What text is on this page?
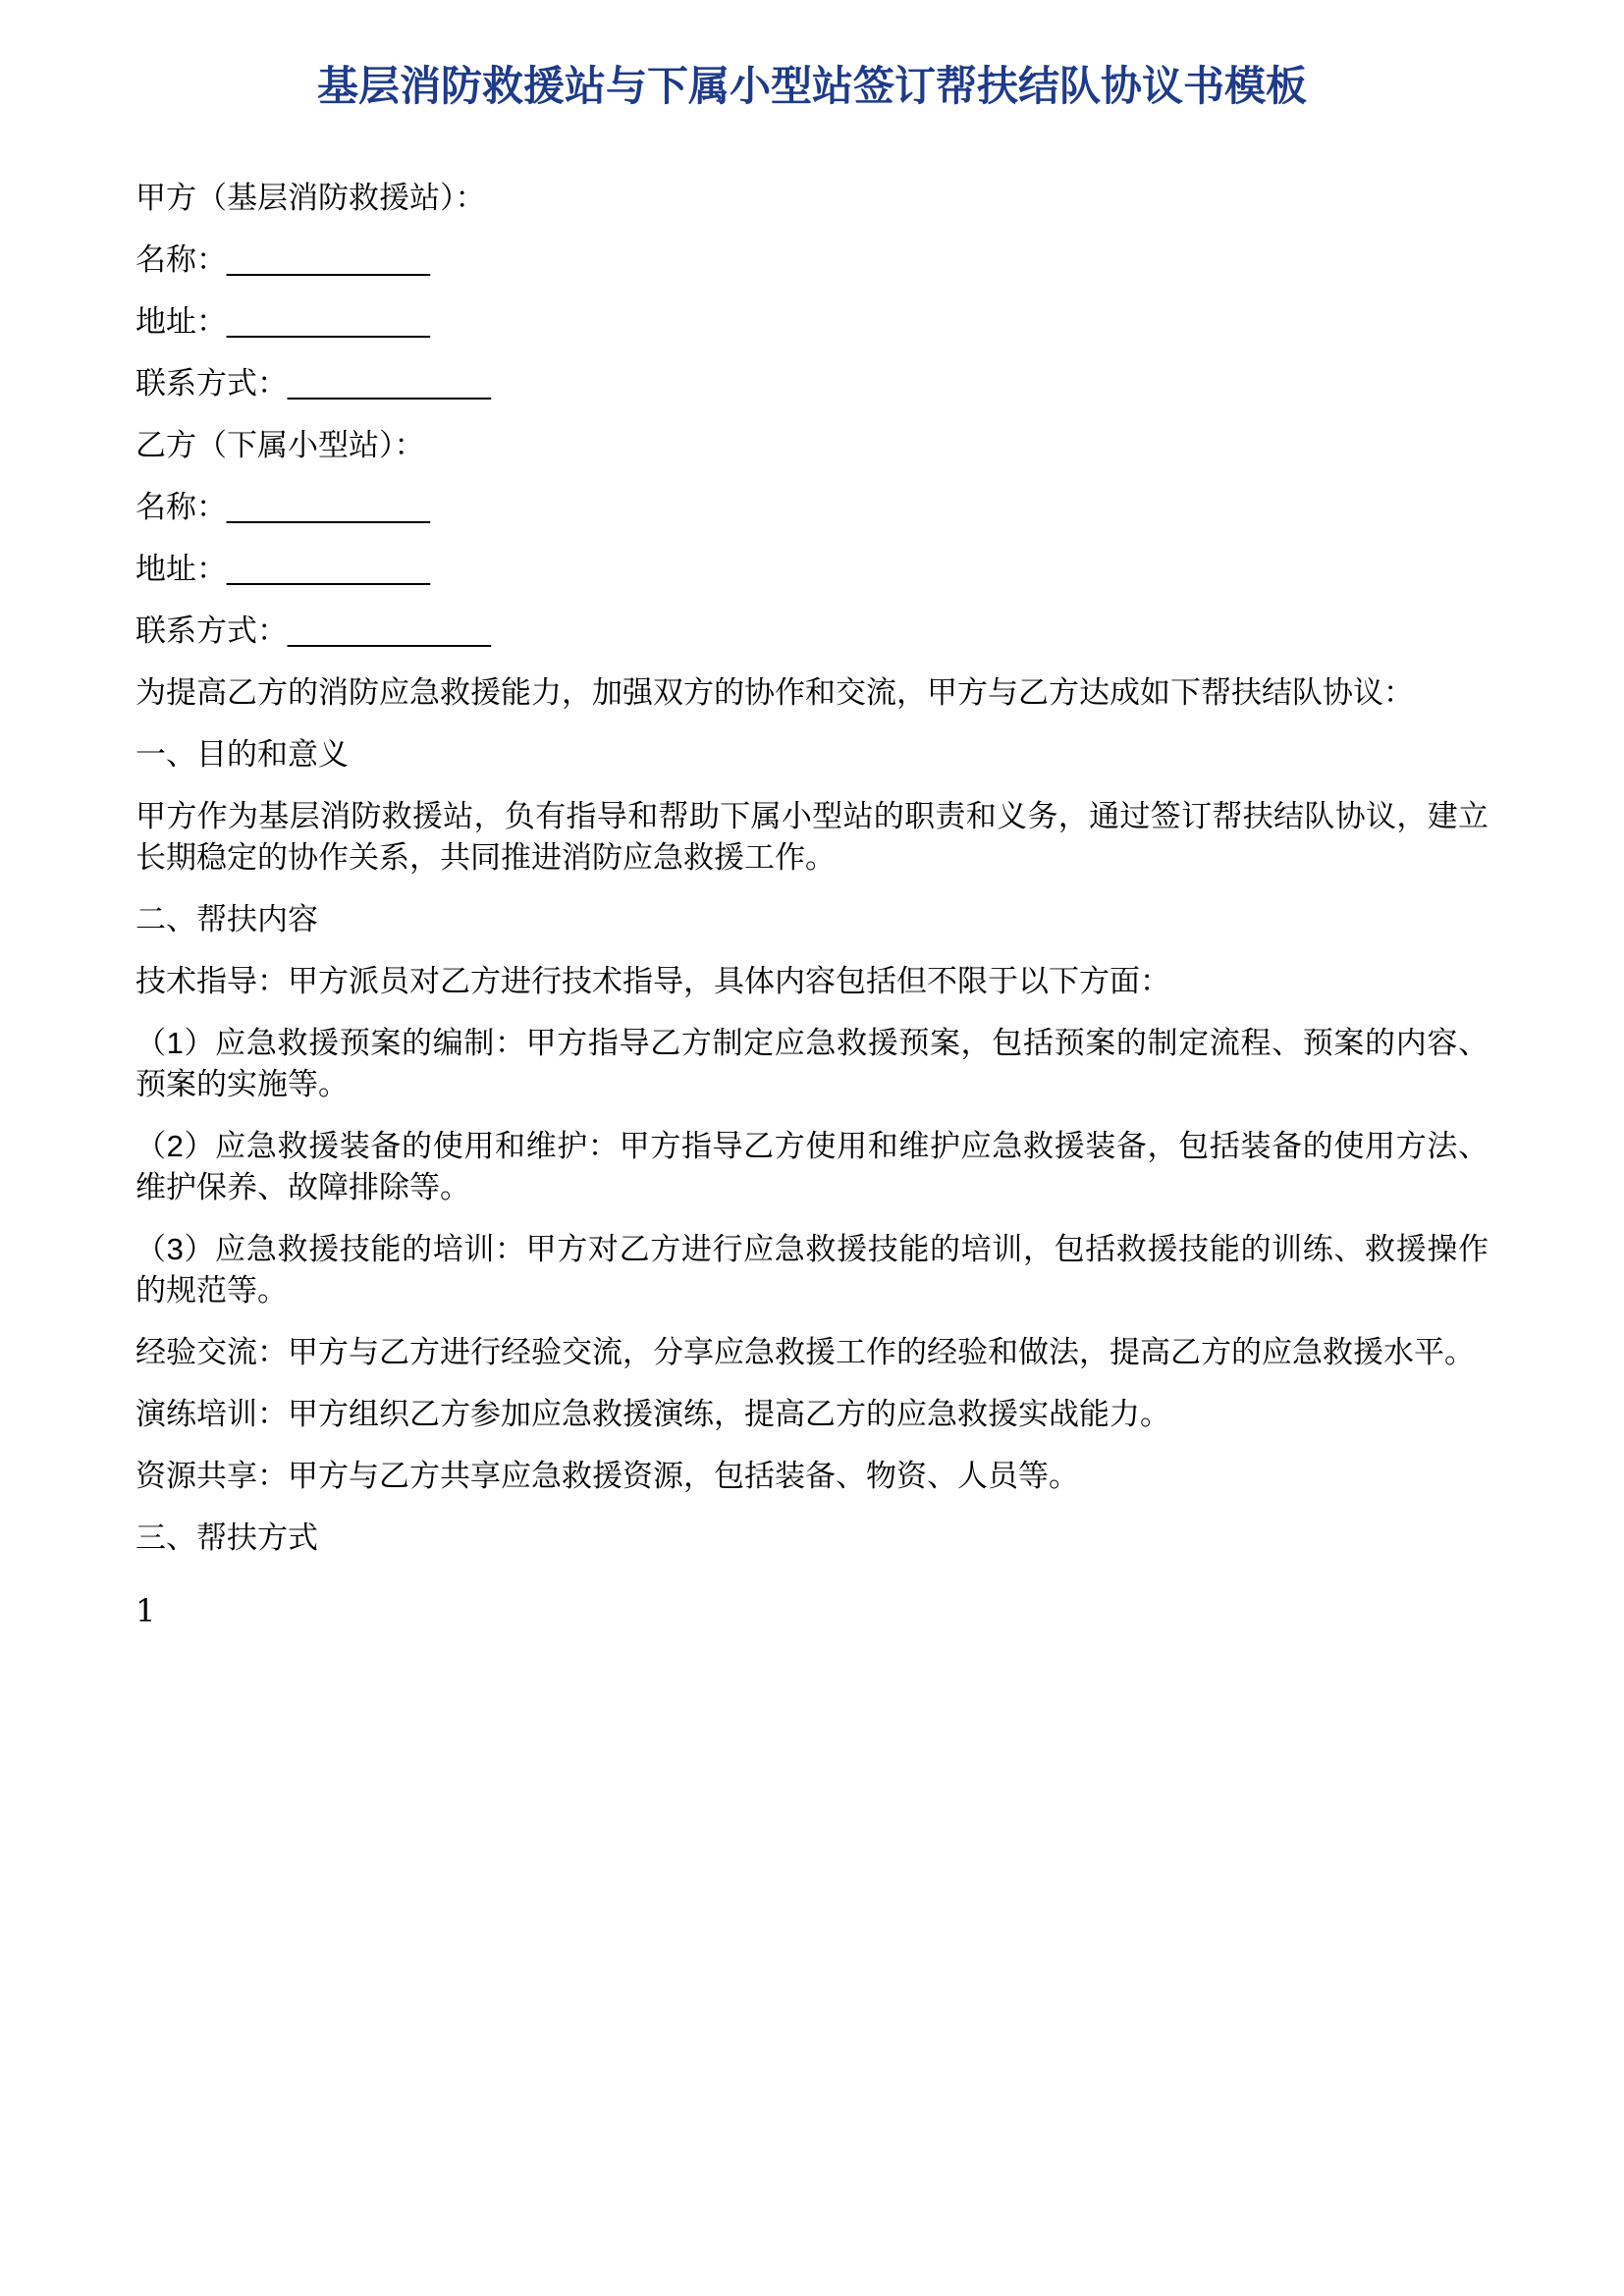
基层消防救援站与下属小型站签订帮扶结队协议书模板

甲方（基层消防救援站）：

名称：____________

地址：____________

联系方式：____________

乙方（下属小型站）：

名称：____________

地址：____________

联系方式：____________

为提高乙方的消防应急救援能力，加强双方的协作和交流，甲方与乙方达成如下帮扶结队协议：

一、目的和意义

甲方作为基层消防救援站，负有指导和帮助下属小型站的职责和义务，通过签订帮扶结队协议，建立长期稳定的协作关系，共同推进消防应急救援工作。

二、帮扶内容

技术指导：甲方派员对乙方进行技术指导，具体内容包括但不限于以下方面：

（1）应急救援预案的编制：甲方指导乙方制定应急救援预案，包括预案的制定流程、预案的内容、预案的实施等。

（2）应急救援装备的使用和维护：甲方指导乙方使用和维护应急救援装备，包括装备的使用方法、维护保养、故障排除等。

（3）应急救援技能的培训：甲方对乙方进行应急救援技能的培训，包括救援技能的训练、救援操作的规范等。

经验交流：甲方与乙方进行经验交流，分享应急救援工作的经验和做法，提高乙方的应急救援水平。

演练培训：甲方组织乙方参加应急救援演练，提高乙方的应急救援实战能力。

资源共享：甲方与乙方共享应急救援资源，包括装备、物资、人员等。

三、帮扶方式

1
